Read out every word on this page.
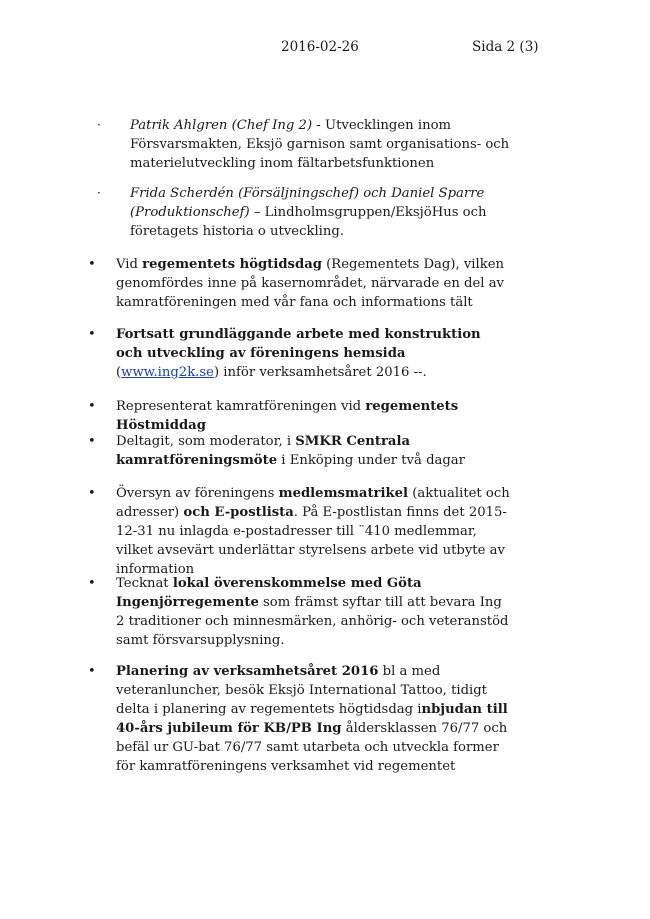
2016-02-26	Sida 2 (3)
· Patrik Ahlgren (Chef Ing 2) - Utvecklingen inom Försvarsmakten, Eksjö garnison samt organisations- och materielutveckling inom fältarbetsfunktionen
· Frida Scherdén (Försäljningschef) och Daniel Sparre (Produktionschef) – Lindholmsgruppen/EksjöHus och företagets historia o utveckling.
• Vid regementets högtidsdag (Regementets Dag), vilken genomfördes inne på kasernområdet, närvarade en del av kamratföreningen med vår fana och informations tält
• Fortsatt grundläggande arbete med konstruktion och utveckling av föreningens hemsida (www.ing2k.se) inför verksamhetsåret 2016 --.
• Representerat kamratföreningen vid regementets Höstmiddag
• Deltagit, som moderator, i SMKR Centrala kamratföreningsmöte i Enköping under två dagar
• Översyn av föreningens medlemsmatrikel (aktualitet och adresser) och E-postlista. På E-postlistan finns det 2015-12-31 nu inlagda e-postadresser till ¨410 medlemmar, vilket avsevärt underlättar styrelsens arbete vid utbyte av information
• Tecknat lokal överenskommelse med Göta Ingenjörregemente som främst syftar till att bevara Ing 2 traditioner och minnesmärken, anhörig- och veteranstöd samt försvarsupplysning.
• Planering av verksamhetsåret 2016 bl a med veteranluncher, besök Eksjö International Tattoo, tidigt delta i planering av regementets högtidsdag inbjudan till 40-års jubileum för KB/PB Ing åldersklassen 76/77 och befäl ur GU-bat 76/77 samt utarbeta och utveckla former för kamratföreningens verksamhet vid regementet
